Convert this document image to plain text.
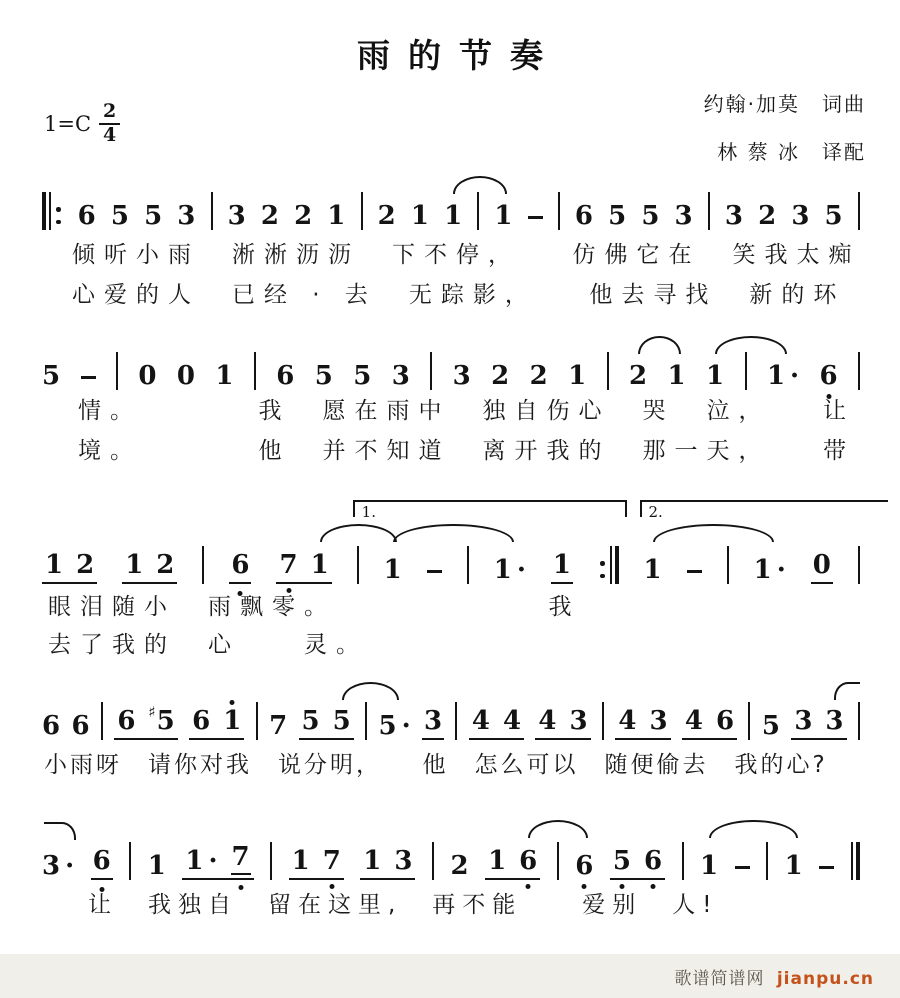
雨的节奏
约翰·加莫　词曲
林 蔡 冰　译配
$1=C \frac{2}{4}$
6 5 5 3 3 2 2 1 2 1 1 1 6 5 5 3 3 2 3 5
倾听小雨　淅淅沥沥　下不停，　　仿佛它在　笑我太痴
心爱的人　已经 · 去　无踪影，　　他去寻找　新的环
5	0 0 1 6 5 5 3 3 2 2 1 2 1 1 1 · 6
情。　　　　我　愿在雨中　独自伤心　哭　泣，　　让
境。　　　　他　并不知道　离开我的　那一天，　　带
1 2 1 2 6 7 1 1	1 · 1	1	1 · 0
1.	2.
眼泪随小　雨飘零。　　　　　　　我
去了我的　心　　灵。
6 6 6 ♯ 5 6 1 7 5 5 5 · 3 4 4 4 3 4 3 4 6 5 3 3
小雨呀　请你对我　说分明，　　他　怎么可以　随便偷去　我的心?
3 · 6 1 1 · 7 1 7 1 3 2 1 6 6 5 6 1	1
让　我独自　留在这里,　再不能　　爱别　人!
歌谱简谱网 jianpu.cn
